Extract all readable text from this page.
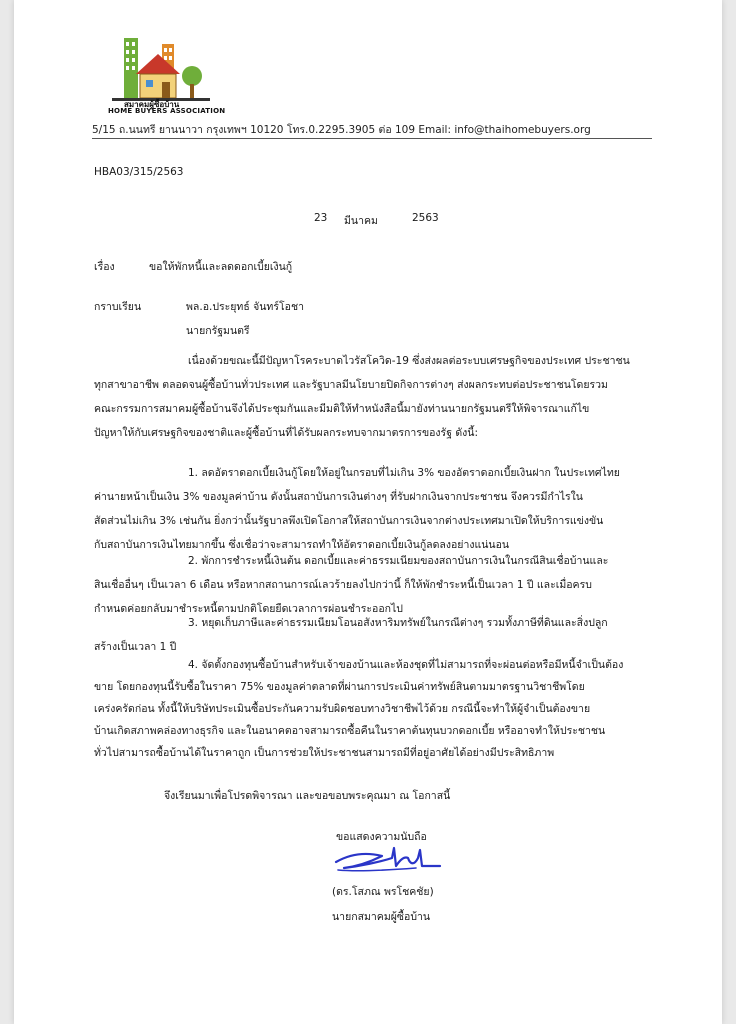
สมาคมผู้ซื้อบ้าน
HOME BUYERS ASSOCIATION
5/15 ถ.นนทรี ยานนาวา กรุงเทพฯ 10120 โทร.0.2295.3905 ต่อ 109 Email: info@thaihomebuyers.org
HBA03/315/2563
23 มีนาคม	2563
เรื่อง	ขอให้พักหนี้และลดดอกเบี้ยเงินกู้
กราบเรียน	พล.อ.ประยุทธ์ จันทร์โอชา
นายกรัฐมนตรี
เนื่องด้วยขณะนี้มีปัญหาโรคระบาดไวรัสโควิด-19 ซึ่งส่งผลต่อระบบเศรษฐกิจของประเทศ ประชาชน
ทุกสาขาอาชีพ ตลอดจนผู้ซื้อบ้านทั่วประเทศ และรัฐบาลมีนโยบายปิดกิจการต่างๆ ส่งผลกระทบต่อประชาชนโดยรวม
คณะกรรมการสมาคมผู้ซื้อบ้านจึงได้ประชุมกันและมีมติให้ทำหนังสือนี้มายังท่านนายกรัฐมนตรีให้พิจารณาแก้ไข
ปัญหาให้กับเศรษฐกิจของชาติและผู้ซื้อบ้านที่ได้รับผลกระทบจากมาตรการของรัฐ ดังนี้:
1. ลดอัตราดอกเบี้ยเงินกู้โดยให้อยู่ในกรอบที่ไม่เกิน 3% ของอัตราดอกเบี้ยเงินฝาก ในประเทศไทย
ค่านายหน้าเป็นเงิน 3% ของมูลค่าบ้าน ดังนั้นสถาบันการเงินต่างๆ ที่รับฝากเงินจากประชาชน จึงควรมีกำไรใน
สัดส่วนไม่เกิน 3% เช่นกัน ยิ่งกว่านั้นรัฐบาลพึงเปิดโอกาสให้สถาบันการเงินจากต่างประเทศมาเปิดให้บริการแข่งขัน
กับสถาบันการเงินไทยมากขึ้น ซึ่งเชื่อว่าจะสามารถทำให้อัตราดอกเบี้ยเงินกู้ลดลงอย่างแน่นอน
2. พักการชำระหนี้เงินต้น ดอกเบี้ยและค่าธรรมเนียมของสถาบันการเงินในกรณีสินเชื่อบ้านและ
สินเชื่ออื่นๆ เป็นเวลา 6 เดือน หรือหากสถานการณ์เลวร้ายลงไปกว่านี้ ก็ให้พักชำระหนี้เป็นเวลา 1 ปี และเมื่อครบ
กำหนดค่อยกลับมาชำระหนี้ตามปกติโดยยืดเวลาการผ่อนชำระออกไป
3. หยุดเก็บภาษีและค่าธรรมเนียมโอนอสังหาริมทรัพย์ในกรณีต่างๆ รวมทั้งภาษีที่ดินและสิ่งปลูก
สร้างเป็นเวลา 1 ปี
4. จัดตั้งกองทุนซื้อบ้านสำหรับเจ้าของบ้านและห้องชุดที่ไม่สามารถที่จะผ่อนต่อหรือมีหนี้จำเป็นต้อง
ขาย โดยกองทุนนี้รับซื้อในราคา 75% ของมูลค่าตลาดที่ผ่านการประเมินค่าทรัพย์สินตามมาตรฐานวิชาชีพโดย
เคร่งครัดก่อน ทั้งนี้ให้บริษัทประเมินซื้อประกันความรับผิดชอบทางวิชาชีพไว้ด้วย กรณีนี้จะทำให้ผู้จำเป็นต้องขาย
บ้านเกิดสภาพคล่องทางธุรกิจ และในอนาคตอาจสามารถซื้อคืนในราคาต้นทุนบวกดอกเบี้ย หรืออาจทำให้ประชาชน
ทั่วไปสามารถซื้อบ้านได้ในราคาถูก เป็นการช่วยให้ประชาชนสามารถมีที่อยู่อาศัยได้อย่างมีประสิทธิภาพ
จึงเรียนมาเพื่อโปรดพิจารณา และขอขอบพระคุณมา ณ โอกาสนี้
ขอแสดงความนับถือ
(ดร.โสภณ พรโชคชัย)
นายกสมาคมผู้ซื้อบ้าน
